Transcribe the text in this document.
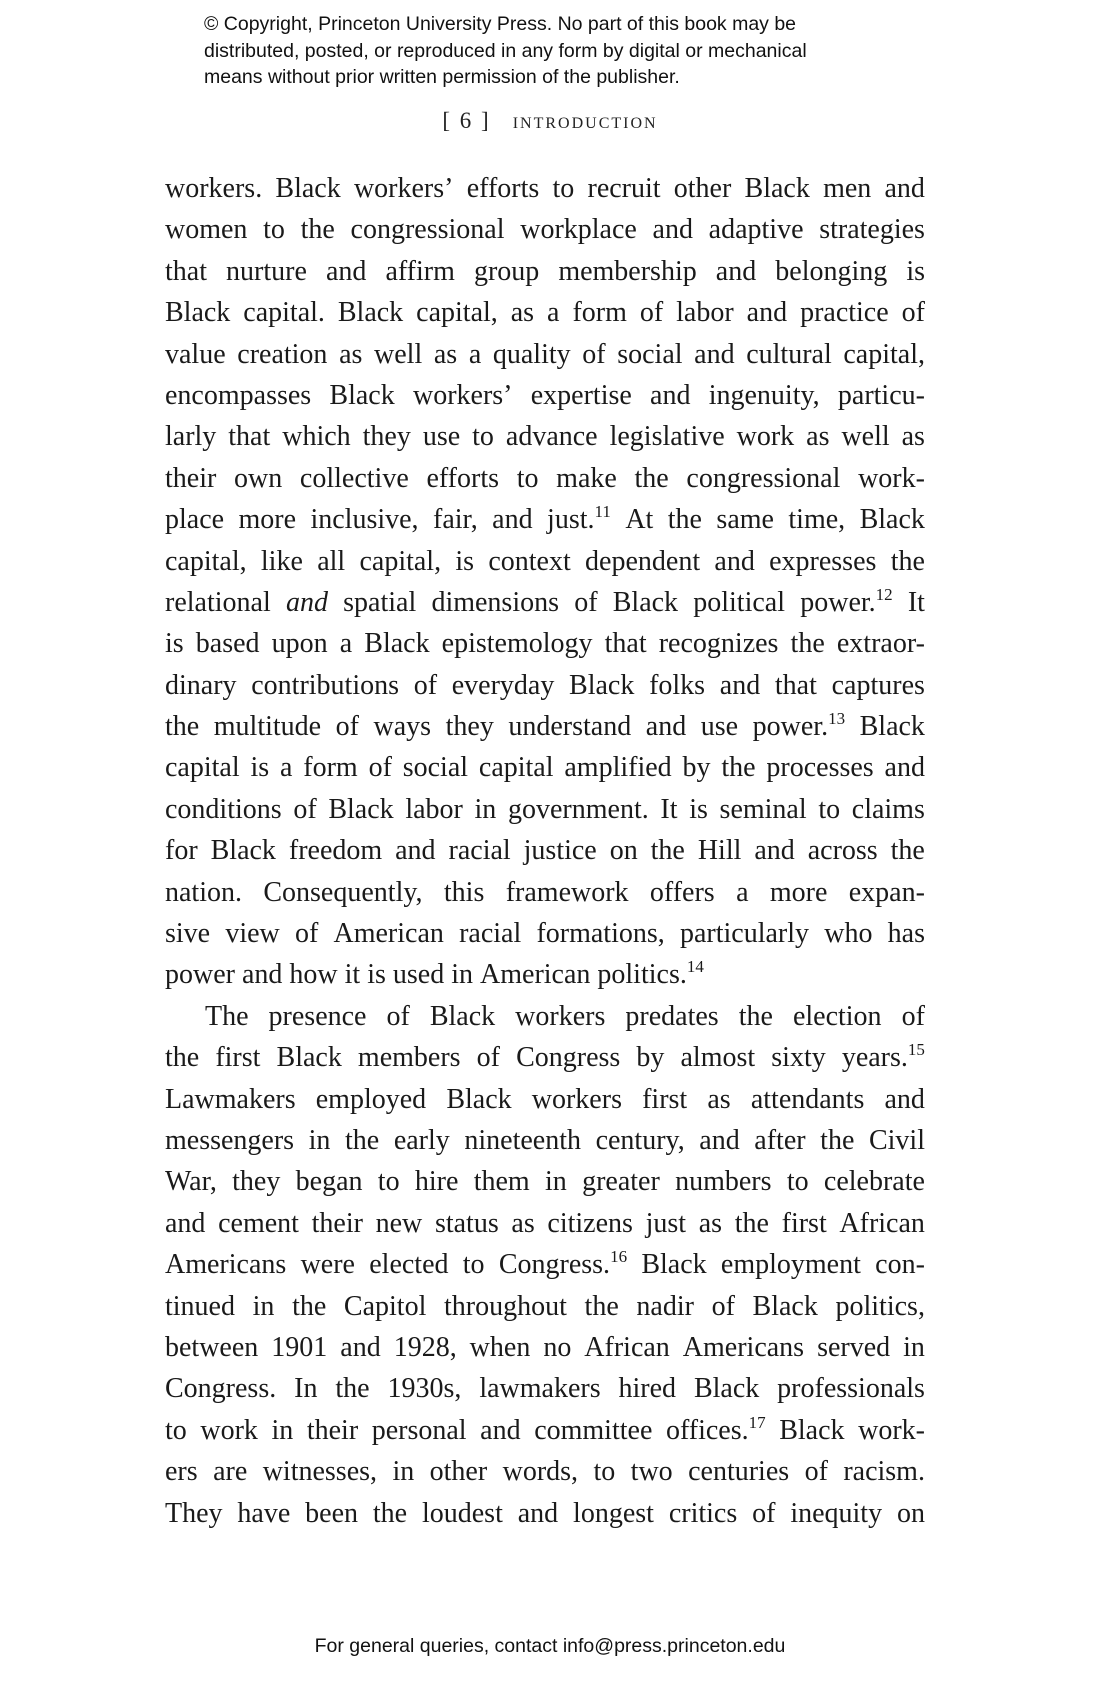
© Copyright, Princeton University Press. No part of this book may be
distributed, posted, or reproduced in any form by digital or mechanical
means without prior written permission of the publisher.
[ 6 ] introduction
workers. Black workers’ efforts to recruit other Black men and
women to the congressional workplace and adaptive strategies
that nurture and affirm group membership and belonging is
Black capital. Black capital, as a form of labor and practice of
value creation as well as a quality of social and cultural capital,
encompasses Black workers’ expertise and ingenuity, particu-
larly that which they use to advance legislative work as well as
their own collective efforts to make the congressional work-
place more inclusive, fair, and just.$^{11}$ At the same time, Black
capital, like all capital, is context dependent and expresses the
relational and spatial dimensions of Black political power.$^{12}$ It
is based upon a Black epistemology that recognizes the extraor-
dinary contributions of everyday Black folks and that captures
the multitude of ways they understand and use power.$^{13}$ Black
capital is a form of social capital amplified by the processes and
conditions of Black labor in government. It is seminal to claims
for Black freedom and racial justice on the Hill and across the
nation. Consequently, this framework offers a more expan-
sive view of American racial formations, particularly who has
power and how it is used in American politics.$^{14}$
The presence of Black workers predates the election of
the first Black members of Congress by almost sixty years.$^{15}$
Lawmakers employed Black workers first as attendants and
messengers in the early nineteenth century, and after the Civil
War, they began to hire them in greater numbers to celebrate
and cement their new status as citizens just as the first African
Americans were elected to Congress.$^{16}$ Black employment con-
tinued in the Capitol throughout the nadir of Black politics,
between 1901 and 1928, when no African Americans served in
Congress. In the 1930s, lawmakers hired Black professionals
to work in their personal and committee offices.$^{17}$ Black work-
ers are witnesses, in other words, to two centuries of racism.
They have been the loudest and longest critics of inequity on
For general queries, contact info@press.princeton.edu
